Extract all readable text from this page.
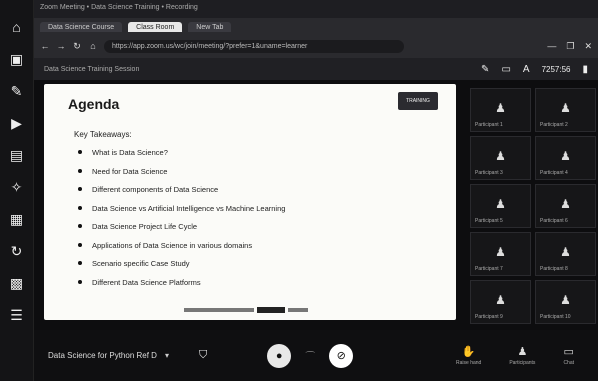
⌂
▣
✎
▶
▤
✧
▦
↻
▩
☰
Zoom Meeting • Data Science Training • Recording
Data Science Course	Class Room	New Tab
← → ↻ ⌂	https://app.zoom.us/wc/join/meeting/?prefer=1&uname=learner	— ❐ ✕
Data Science Training Session	✎ ▭ A 7257:56 ▮
Agenda	TRAINING
Key Takeaways:
What is Data Science?
Need for Data Science
Different components of Data Science
Data Science vs Artificial Intelligence vs Machine Learning
Data Science Project Life Cycle
Applications of Data Science in various domains
Scenario specific Case Study
Different Data Science Platforms
♟
Participant 1
♟
Participant 2
♟
Participant 3
♟
Participant 4
♟
Participant 5
♟
Participant 6
♟
Participant 7
♟
Participant 8
♟
Participant 9
♟
Participant 10
Data Science for Python Ref D ▾	⛉	●	⌒	⊘	✋
Raise hand
♟
Participants
▭
Chat
